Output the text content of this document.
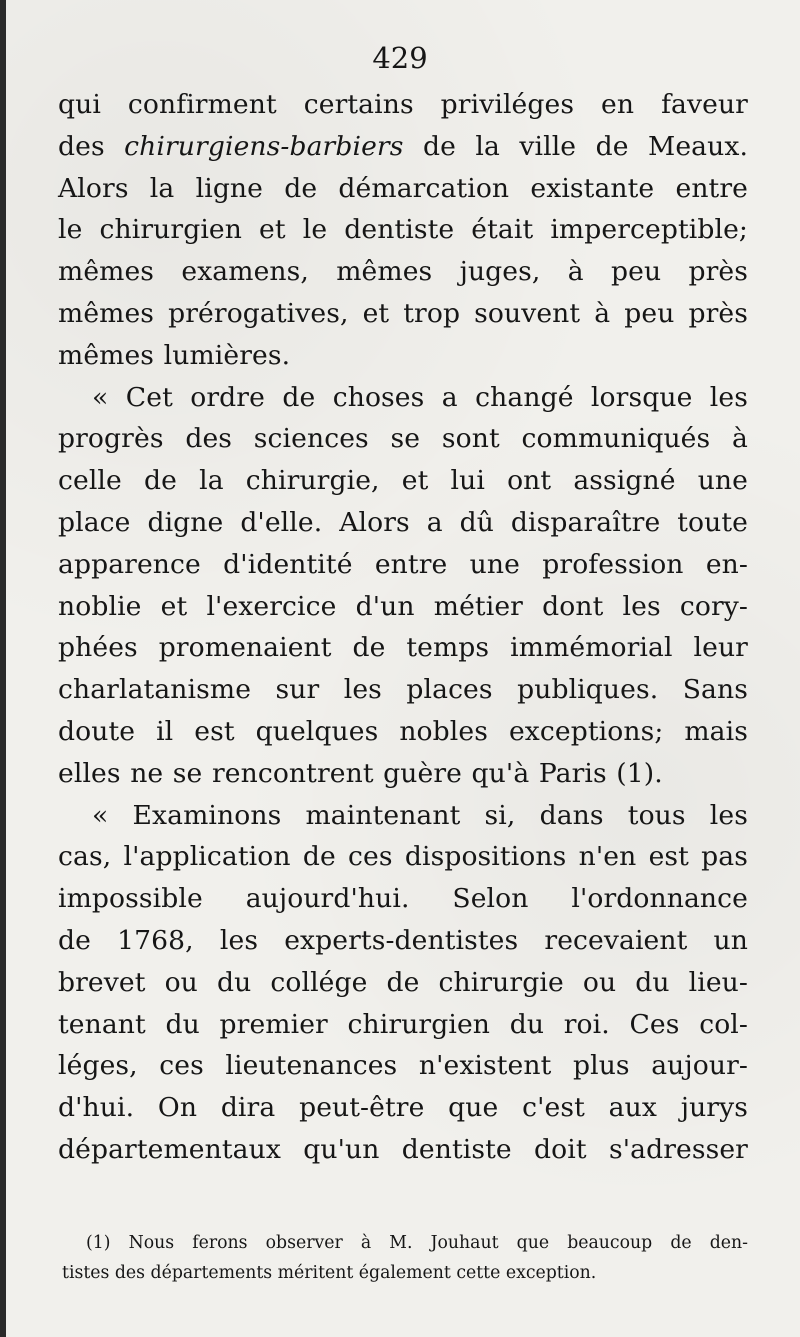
429
qui confirment certains priviléges en faveur
des chirurgiens-barbiers de la ville de Meaux.
Alors la ligne de démarcation existante entre
le chirurgien et le dentiste était imperceptible;
mêmes examens, mêmes juges, à peu près
mêmes prérogatives, et trop souvent à peu près
mêmes lumières.
« Cet ordre de choses a changé lorsque les
progrès des sciences se sont communiqués à
celle de la chirurgie, et lui ont assigné une
place digne d'elle. Alors a dû disparaître toute
apparence d'identité entre une profession en-
noblie et l'exercice d'un métier dont les cory-
phées promenaient de temps immémorial leur
charlatanisme sur les places publiques. Sans
doute il est quelques nobles exceptions; mais
elles ne se rencontrent guère qu'à Paris (1).
« Examinons maintenant si, dans tous les
cas, l'application de ces dispositions n'en est pas
impossible aujourd'hui. Selon l'ordonnance
de 1768, les experts-dentistes recevaient un
brevet ou du collége de chirurgie ou du lieu-
tenant du premier chirurgien du roi. Ces col-
léges, ces lieutenances n'existent plus aujour-
d'hui. On dira peut-être que c'est aux jurys
départementaux qu'un dentiste doit s'adresser
(1) Nous ferons observer à M. Jouhaut que beaucoup de den-
tistes des départements méritent également cette exception.
